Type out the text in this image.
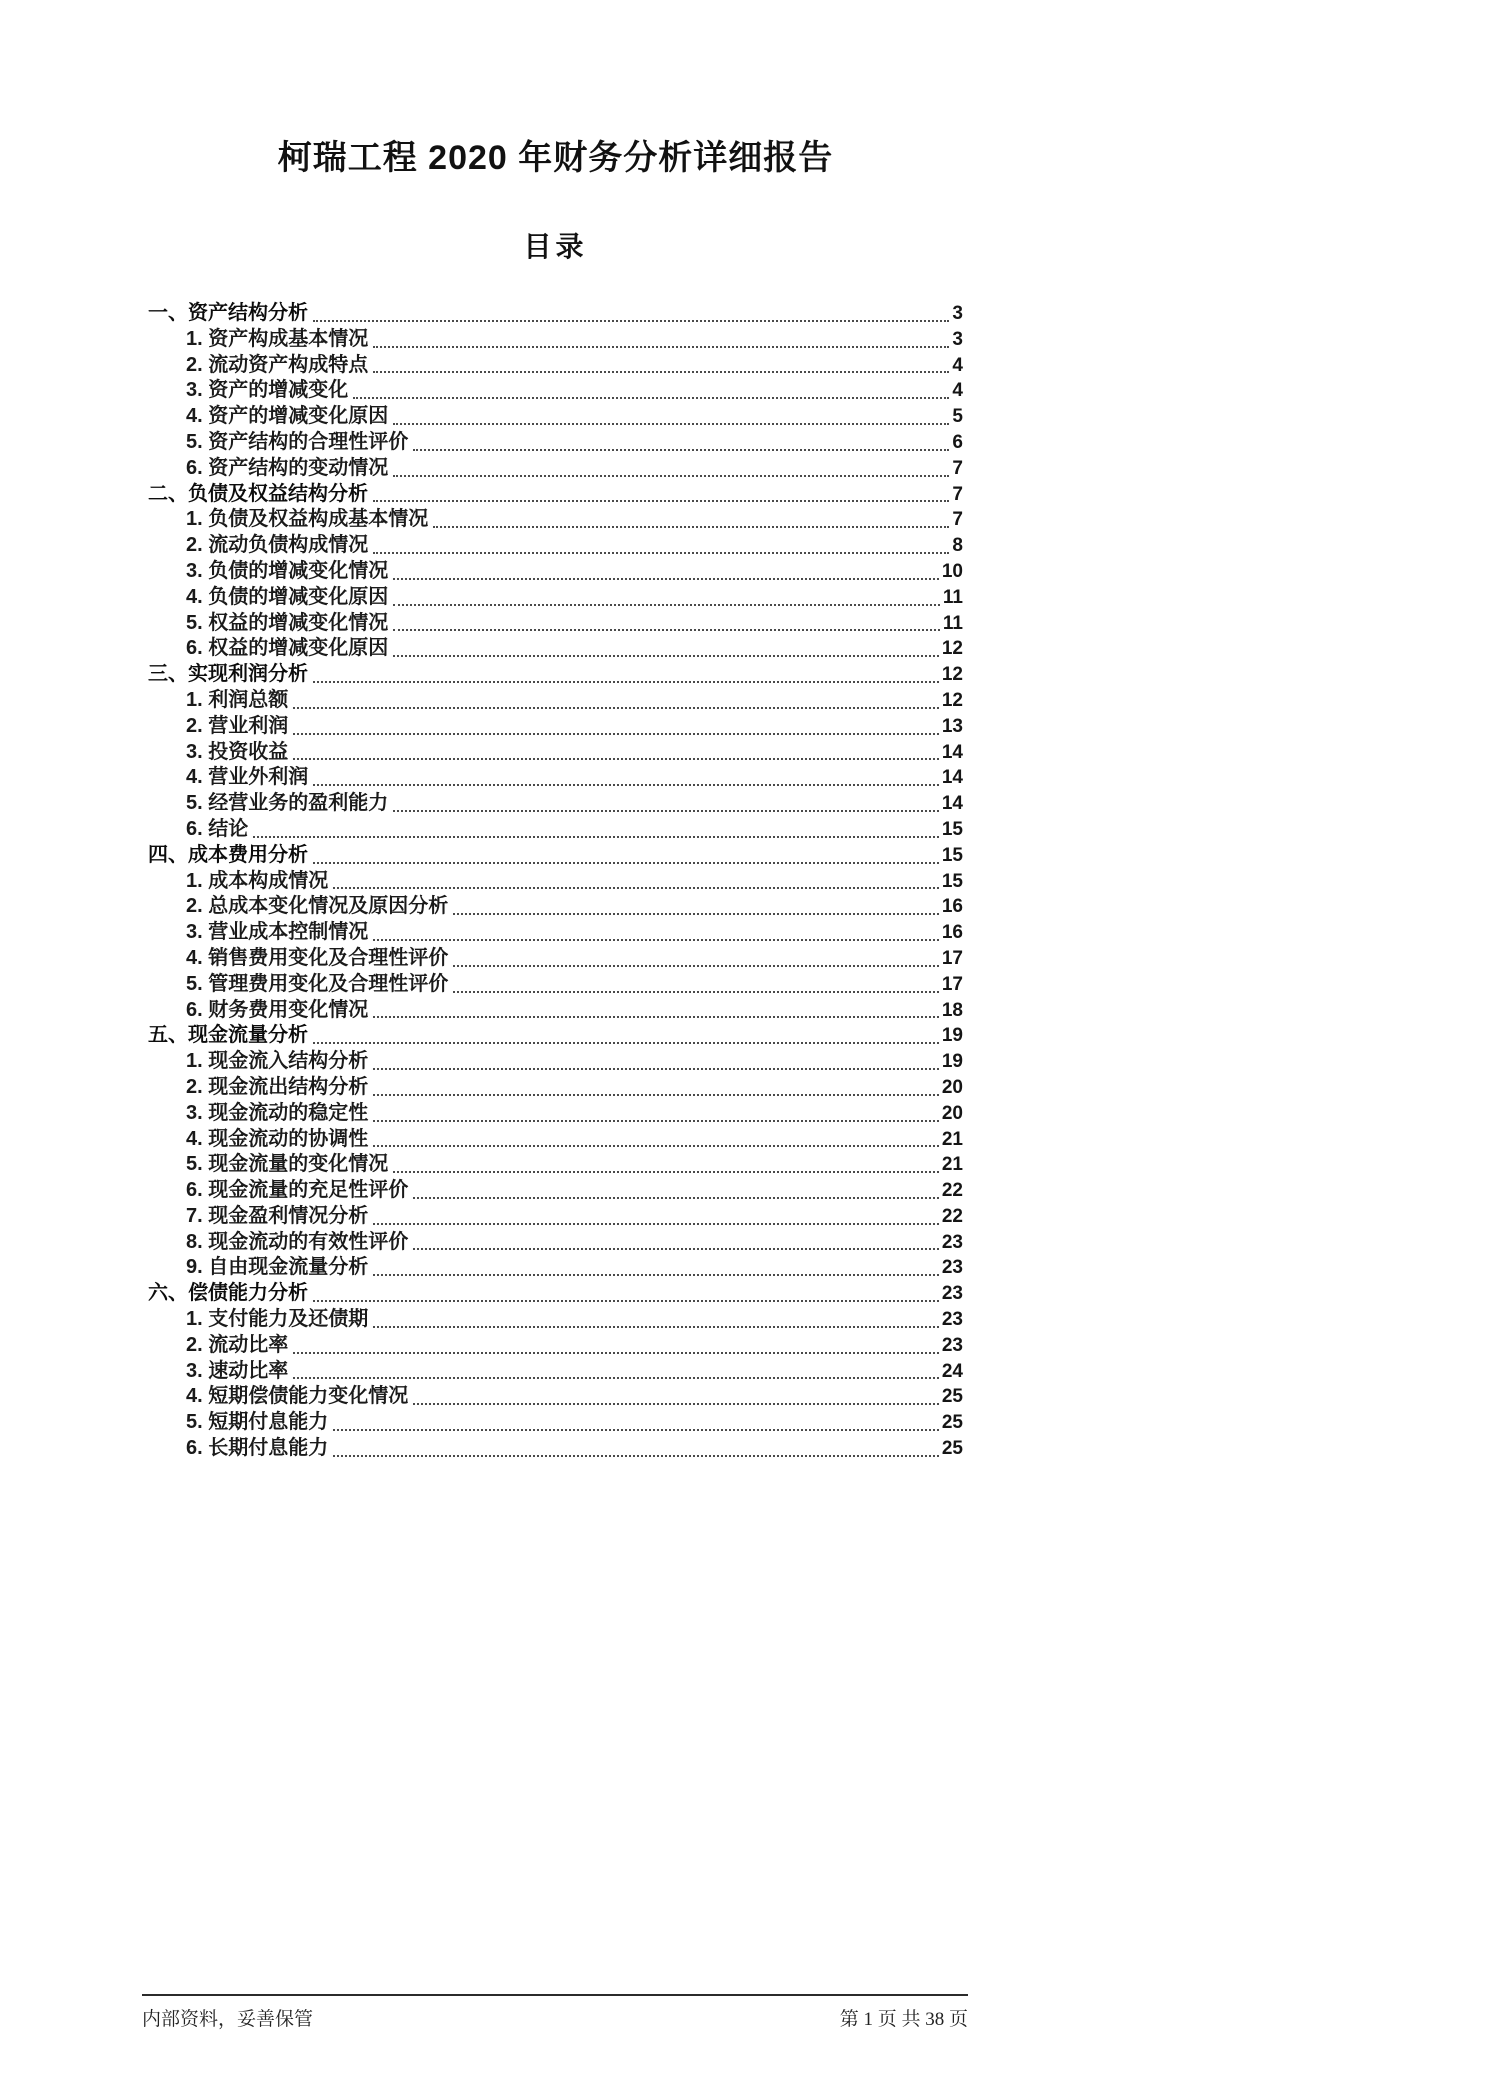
柯瑞工程 2020 年财务分析详细报告
目录
一、资产结构分析	3
1. 资产构成基本情况	3
2. 流动资产构成特点	4
3. 资产的增减变化	4
4. 资产的增减变化原因	5
5. 资产结构的合理性评价	6
6. 资产结构的变动情况	7
二、负债及权益结构分析	7
1. 负债及权益构成基本情况	7
2. 流动负债构成情况	8
3. 负债的增减变化情况	10
4. 负债的增减变化原因	11
5. 权益的增减变化情况	11
6. 权益的增减变化原因	12
三、实现利润分析	12
1. 利润总额	12
2. 营业利润	13
3. 投资收益	14
4. 营业外利润	14
5. 经营业务的盈利能力	14
6. 结论	15
四、成本费用分析	15
1. 成本构成情况	15
2. 总成本变化情况及原因分析	16
3. 营业成本控制情况	16
4. 销售费用变化及合理性评价	17
5. 管理费用变化及合理性评价	17
6. 财务费用变化情况	18
五、现金流量分析	19
1. 现金流入结构分析	19
2. 现金流出结构分析	20
3. 现金流动的稳定性	20
4. 现金流动的协调性	21
5. 现金流量的变化情况	21
6. 现金流量的充足性评价	22
7. 现金盈利情况分析	22
8. 现金流动的有效性评价	23
9. 自由现金流量分析	23
六、偿债能力分析	23
1. 支付能力及还债期	23
2. 流动比率	23
3. 速动比率	24
4. 短期偿债能力变化情况	25
5. 短期付息能力	25
6. 长期付息能力	25
内部资料，妥善保管	第 1 页 共 38 页
